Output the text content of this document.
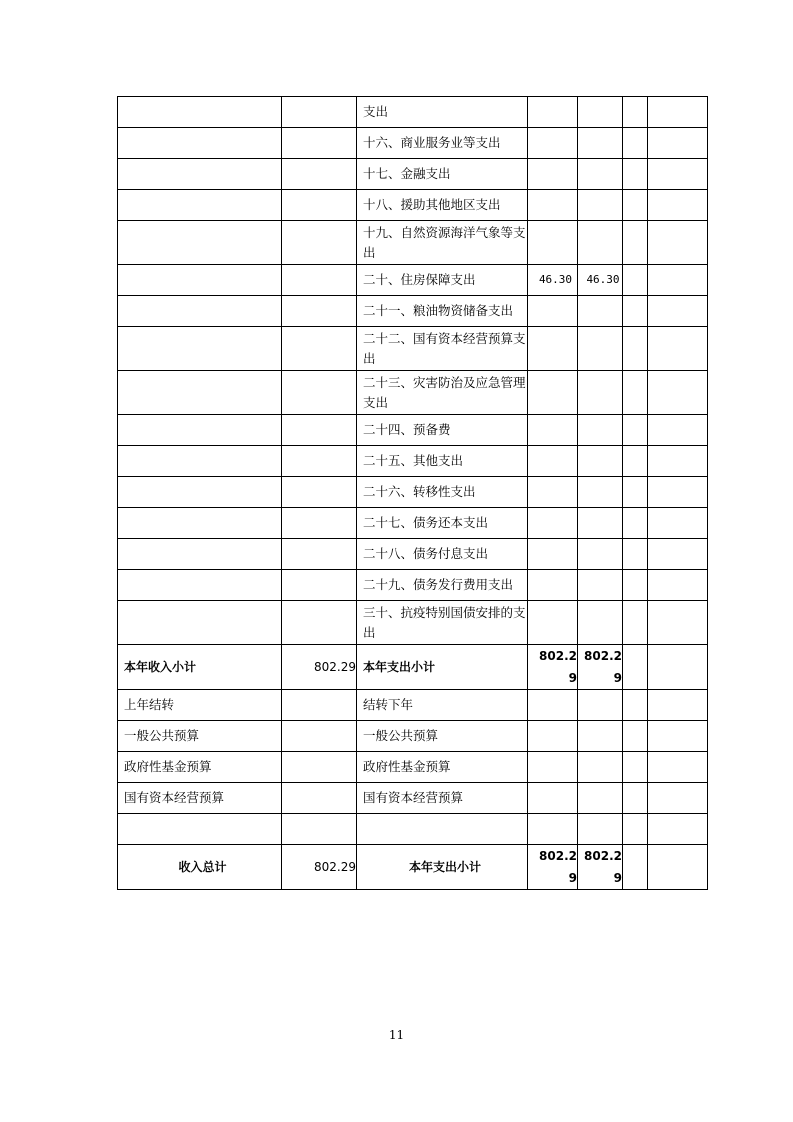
		支出				
		十六、商业服务业等支出				
		十七、金融支出				
		十八、援助其他地区支出				
		十九、自然资源海洋气象等支出				
		二十、住房保障支出	46.30	46.30		
		二十一、粮油物资储备支出				
		二十二、国有资本经营预算支出				
		二十三、灾害防治及应急管理支出				
		二十四、预备费				
		二十五、其他支出				
		二十六、转移性支出				
		二十七、债务还本支出				
		二十八、债务付息支出				
		二十九、债务发行费用支出				
		三十、抗疫特别国债安排的支出				
本年收入小计	802.29	本年支出小计	802.29	802.29		
上年结转		结转下年				
一般公共预算		一般公共预算				
政府性基金预算		政府性基金预算				
国有资本经营预算		国有资本经营预算				

收入总计	802.29	本年支出小计	802.29	802.29		
11
